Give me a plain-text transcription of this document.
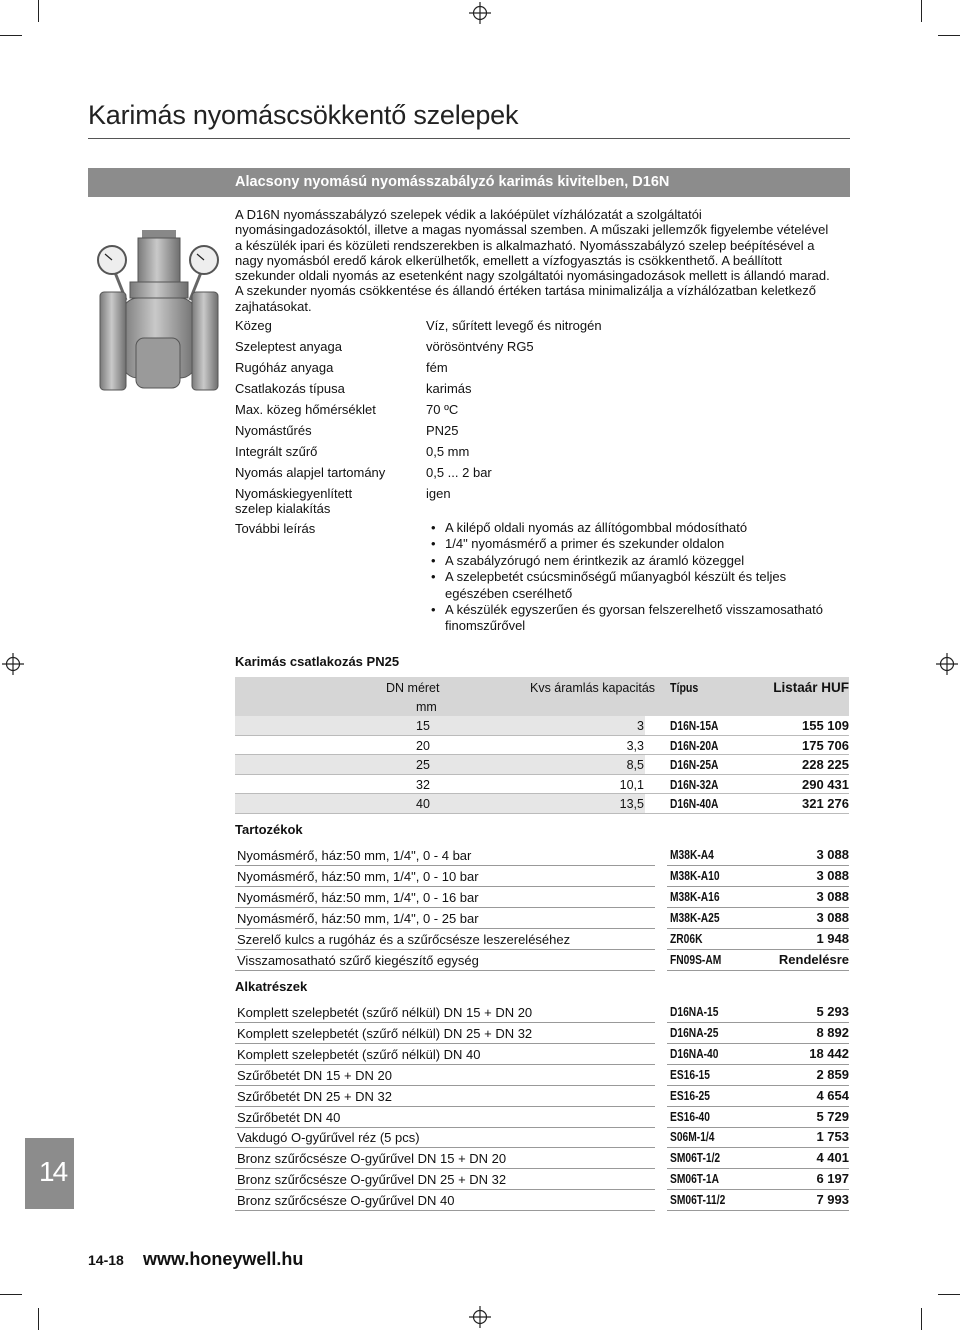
Karimás nyomáscsökkentő szelepek
Alacsony nyomású nyomásszabályzó karimás kivitelben, D16N
A D16N nyomásszabályzó szelepek védik a lakóépület vízhálózatát a szolgáltatói nyomásingadozásoktól, illetve a magas nyomással szemben. A műszaki jellemzők figyelembe vételével a készülék ipari és közületi rendszerekben is alkalmazható. Nyomásszabályzó szelep beépítésével a nagy nyomásból eredő károk elkerülhetők, emellett a vízfogyasztás is csökkenthető. A beállított szekunder oldali nyomás az esetenként nagy szolgáltatói nyomásingadozások mellett is állandó marad. A szekunder nyomás csökkentése és állandó értéken tartása minimalizálja a vízhálózatban keletkező zajhatásokat.
Közeg	Víz, sűrített levegő és nitrogén
Szeleptest anyaga	vörösöntvény RG5
Rugóház anyaga	fém
Csatlakozás típusa	karimás
Max. közeg hőmérséklet	70 ºC
Nyomástűrés	PN25
Integrált szűrő	0,5 mm
Nyomás alapjel tartomány	0,5 ... 2 bar
Nyomáskiegyenlített
szelep kialakítás
igen
További leírás
•	A kilépő oldali nyomás az állítógombbal módosítható
• 1/4" nyomásmérő a primer és szekunder oldalon
• A szabályzórugó nem érintkezik az áramló közeggel
• A szelepbetét csúcsminőségű műanyagból készült és teljes egészében cserélhető
• A készülék egyszerűen és gyorsan felszerelhető visszamosatható finomszűrővel
Karimás csatlakozás PN25
DN méret
mm
Kvs áramlás kapacitás Típus	Listaár HUF
15	3 D16N-15A	155 109
20	3,3 D16N-20A	175 706
25	8,5 D16N-25A	228 225
32	10,1 D16N-32A	290 431
40	13,5 D16N-40A	321 276
Tartozékok
Nyomásmérő, ház:50 mm, 1/4", 0 - 4 bar	M38K-A4	3 088
Nyomásmérő, ház:50 mm, 1/4", 0 - 10 bar	M38K-A10	3 088
Nyomásmérő, ház:50 mm, 1/4", 0 - 16 bar	M38K-A16	3 088
Nyomásmérő, ház:50 mm, 1/4", 0 - 25 bar	M38K-A25	3 088
Szerelő kulcs a rugóház és a szűrőcsésze leszereléséhez	ZR06K	1 948
Visszamosatható szűrő kiegészítő egység	FN09S-AM	Rendelésre
Alkatrészek
Komplett szelepbetét (szűrő nélkül) DN 15 + DN 20	D16NA-15	5 293
Komplett szelepbetét (szűrő nélkül) DN 25 + DN 32	D16NA-25	8 892
Komplett szelepbetét (szűrő nélkül) DN 40	D16NA-40	18 442
Szűrőbetét DN 15 + DN 20	ES16-15	2 859
Szűrőbetét DN 25 + DN 32	ES16-25	4 654
Szűrőbetét DN 40	ES16-40	5 729
Vakdugó O-gyűrűvel réz (5 pcs)	S06M-1/4	1 753
Bronz szűrőcsésze O-gyűrűvel DN 15 + DN 20	SM06T-1/2	4 401
Bronz szűrőcsésze O-gyűrűvel DN 25 + DN 32	SM06T-1A	6 197
Bronz szűrőcsésze O-gyűrűvel DN 40	SM06T-11/2	7 993
14
14-18 www.honeywell.hu
